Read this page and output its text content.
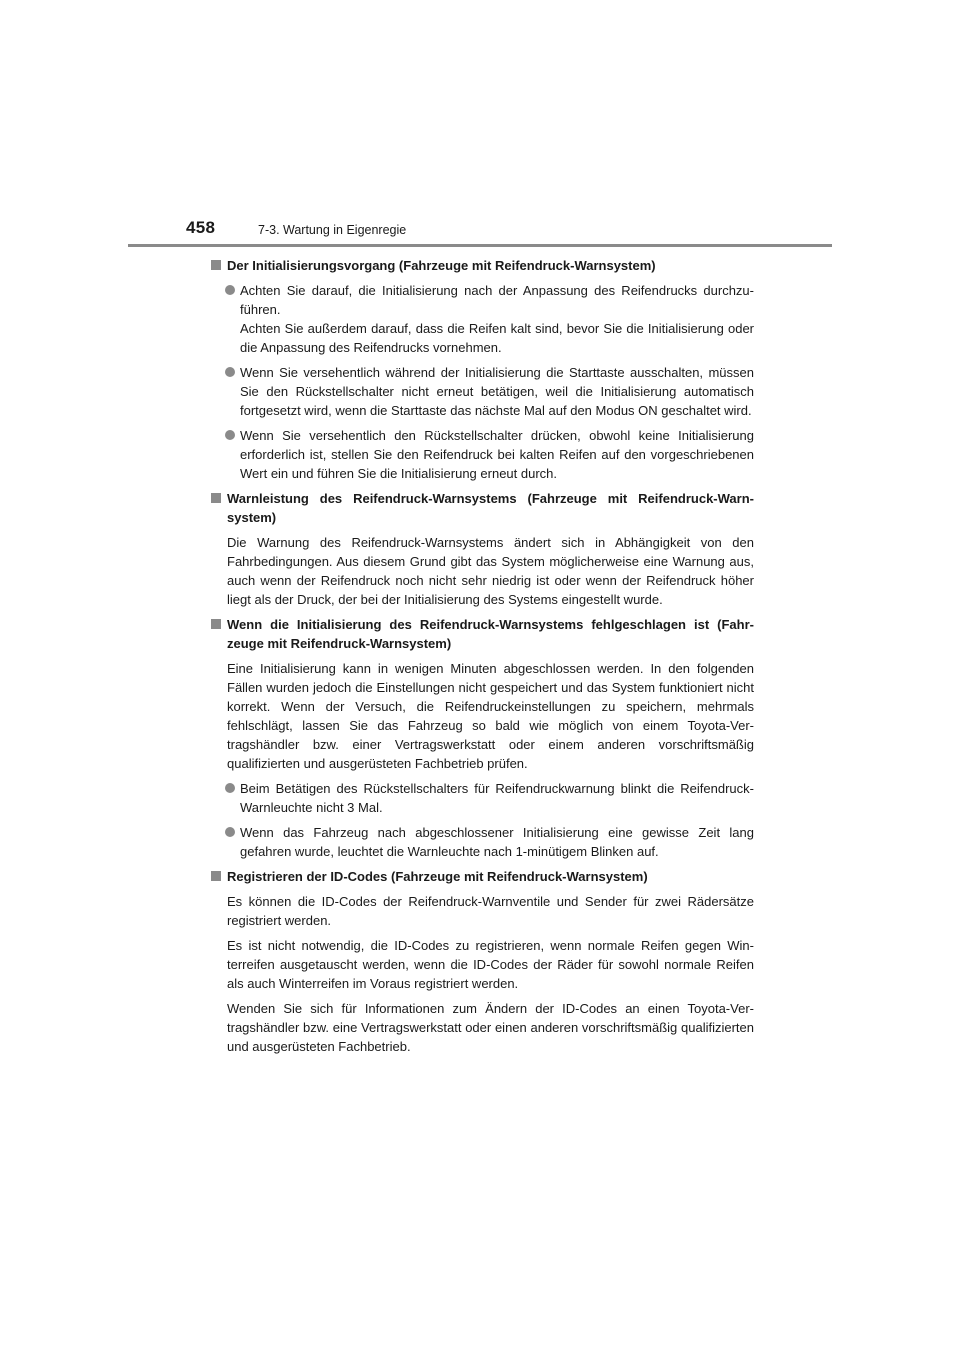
458	7-3. Wartung in Eigenregie
Der Initialisierungsvorgang (Fahrzeuge mit Reifendruck-Warnsystem)

Achten Sie darauf, die Initialisierung nach der Anpassung des Reifendrucks durchzuführen.

Achten Sie außerdem darauf, dass die Reifen kalt sind, bevor Sie die Initialisierung oder die Anpassung des Reifendrucks vornehmen.

Wenn Sie versehentlich während der Initialisierung die Starttaste ausschalten, müssen Sie den Rückstellschalter nicht erneut betätigen, weil die Initialisierung automatisch fortgesetzt wird, wenn die Starttaste das nächste Mal auf den Modus ON geschaltet wird.

Wenn Sie versehentlich den Rückstellschalter drücken, obwohl keine Initialisierung erforderlich ist, stellen Sie den Reifendruck bei kalten Reifen auf den vorgeschriebenen Wert ein und führen Sie die Initialisierung erneut durch.

Warnleistung des Reifendruck-Warnsystems (Fahrzeuge mit Reifendruck-Warnsystem)

Die Warnung des Reifendruck-Warnsystems ändert sich in Abhängigkeit von den Fahrbedingungen. Aus diesem Grund gibt das System möglicherweise eine Warnung aus, auch wenn der Reifendruck noch nicht sehr niedrig ist oder wenn der Reifendruck höher liegt als der Druck, der bei der Initialisierung des Systems eingestellt wurde.

Wenn die Initialisierung des Reifendruck-Warnsystems fehlgeschlagen ist (Fahrzeuge mit Reifendruck-Warnsystem)

Eine Initialisierung kann in wenigen Minuten abgeschlossen werden. In den folgenden Fällen wurden jedoch die Einstellungen nicht gespeichert und das System funktioniert nicht korrekt. Wenn der Versuch, die Reifendruckeinstellungen zu speichern, mehrmals fehlschlägt, lassen Sie das Fahrzeug so bald wie möglich von einem Toyota-Vertragshändler bzw. einer Vertragswerkstatt oder einem anderen vorschriftsmäßig qualifizierten und ausgerüsteten Fachbetrieb prüfen.

Beim Betätigen des Rückstellschalters für Reifendruckwarnung blinkt die Reifendruck-Warnleuchte nicht 3 Mal.

Wenn das Fahrzeug nach abgeschlossener Initialisierung eine gewisse Zeit lang gefahren wurde, leuchtet die Warnleuchte nach 1-minütigem Blinken auf.

Registrieren der ID-Codes (Fahrzeuge mit Reifendruck-Warnsystem)

Es können die ID-Codes der Reifendruck-Warnventile und Sender für zwei Rädersätze registriert werden.

Es ist nicht notwendig, die ID-Codes zu registrieren, wenn normale Reifen gegen Winterreifen ausgetauscht werden, wenn die ID-Codes der Räder für sowohl normale Reifen als auch Winterreifen im Voraus registriert werden.

Wenden Sie sich für Informationen zum Ändern der ID-Codes an einen Toyota-Vertragshändler bzw. eine Vertragswerkstatt oder einen anderen vorschriftsmäßig qualifizierten und ausgerüsteten Fachbetrieb.
